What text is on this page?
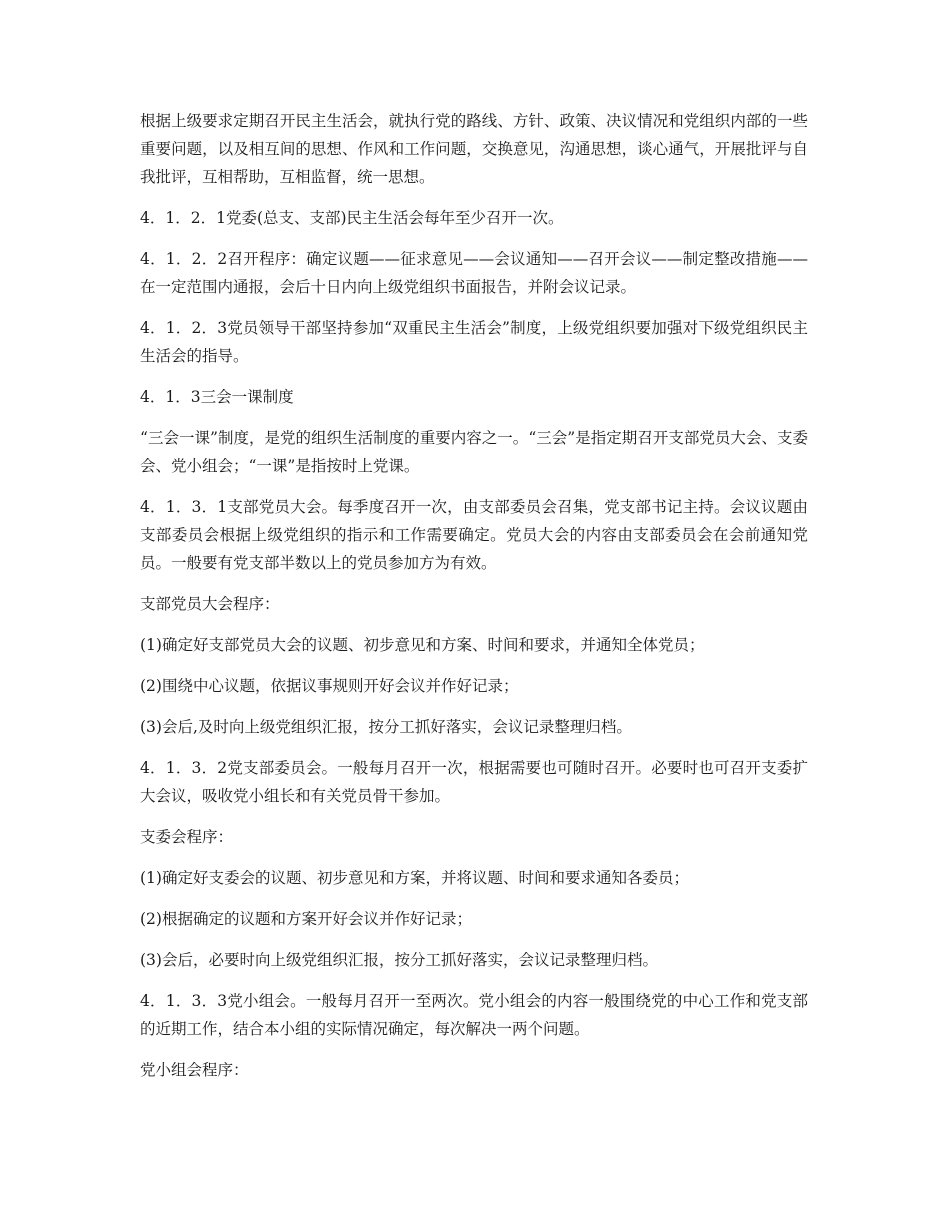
根据上级要求定期召开民主生活会，就执行党的路线、方针、政策、决议情况和党组织内部的一些重要问题，以及相互间的思想、作风和工作问题，交换意见，沟通思想，谈心通气，开展批评与自我批评，互相帮助，互相监督，统一思想。

4．1．2．1党委(总支、支部)民主生活会每年至少召开一次。

4．1．2．2召开程序：确定议题——征求意见——会议通知——召开会议——制定整改措施——在一定范围内通报，会后十日内向上级党组织书面报告，并附会议记录。

4．1．2．3党员领导干部坚持参加“双重民主生活会”制度，上级党组织要加强对下级党组织民主生活会的指导。

4．1．3三会一课制度

“三会一课”制度，是党的组织生活制度的重要内容之一。“三会”是指定期召开支部党员大会、支委会、党小组会；“一课”是指按时上党课。

4．1．3．1支部党员大会。每季度召开一次，由支部委员会召集，党支部书记主持。会议议题由支部委员会根据上级党组织的指示和工作需要确定。党员大会的内容由支部委员会在会前通知党员。一般要有党支部半数以上的党员参加方为有效。

支部党员大会程序：

(1)确定好支部党员大会的议题、初步意见和方案、时间和要求，并通知全体党员；

(2)围绕中心议题，依据议事规则开好会议并作好记录；

(3)会后,及时向上级党组织汇报，按分工抓好落实，会议记录整理归档。

4．1．3．2党支部委员会。一般每月召开一次，根据需要也可随时召开。必要时也可召开支委扩大会议，吸收党小组长和有关党员骨干参加。

支委会程序：

(1)确定好支委会的议题、初步意见和方案，并将议题、时间和要求通知各委员；

(2)根据确定的议题和方案开好会议并作好记录；

(3)会后，必要时向上级党组织汇报，按分工抓好落实，会议记录整理归档。

4．1．3．3党小组会。一般每月召开一至两次。党小组会的内容一般围绕党的中心工作和党支部的近期工作，结合本小组的实际情况确定，每次解决一两个问题。

党小组会程序：
